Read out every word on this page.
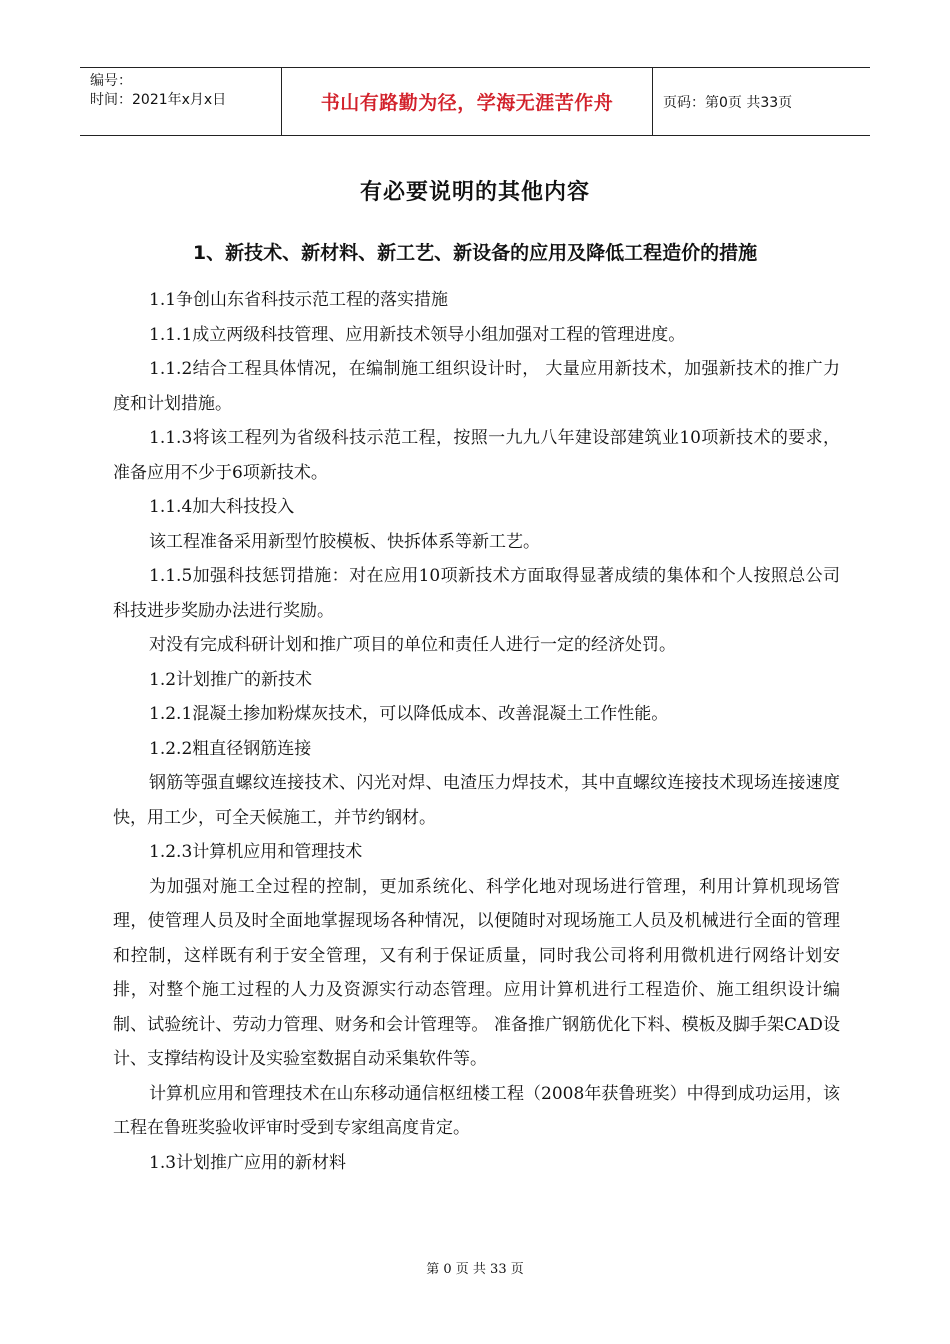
编号：
时间：2021年x月x日	书山有路勤为径，学海无涯苦作舟	页码：第0页 共33页
有必要说明的其他内容
1、新技术、新材料、新工艺、新设备的应用及降低工程造价的措施

1.1争创山东省科技示范工程的落实措施

1.1.1成立两级科技管理、应用新技术领导小组加强对工程的管理进度。

1.1.2结合工程具体情况，在编制施工组织设计时， 大量应用新技术，加强新技术的推广力度和计划措施。

1.1.3将该工程列为省级科技示范工程，按照一九九八年建设部建筑业10项新技术的要求，准备应用不少于6项新技术。

1.1.4加大科技投入

该工程准备采用新型竹胶模板、快拆体系等新工艺。

1.1.5加强科技惩罚措施：对在应用10项新技术方面取得显著成绩的集体和个人按照总公司科技进步奖励办法进行奖励。

对没有完成科研计划和推广项目的单位和责任人进行一定的经济处罚。

1.2计划推广的新技术

1.2.1混凝土掺加粉煤灰技术，可以降低成本、改善混凝土工作性能。

1.2.2粗直径钢筋连接

钢筋等强直螺纹连接技术、闪光对焊、电渣压力焊技术，其中直螺纹连接技术现场连接速度快，用工少，可全天候施工，并节约钢材。

1.2.3计算机应用和管理技术

为加强对施工全过程的控制，更加系统化、科学化地对现场进行管理，利用计算机现场管理，使管理人员及时全面地掌握现场各种情况，以便随时对现场施工人员及机械进行全面的管理和控制，这样既有利于安全管理，又有利于保证质量，同时我公司将利用微机进行网络计划安排，对整个施工过程的人力及资源实行动态管理。应用计算机进行工程造价、施工组织设计编制、试验统计、劳动力管理、财务和会计管理等。 准备推广钢筋优化下料、模板及脚手架CAD设计、支撑结构设计及实验室数据自动采集软件等。

计算机应用和管理技术在山东移动通信枢纽楼工程（2008年获鲁班奖）中得到成功运用，该工程在鲁班奖验收评审时受到专家组高度肯定。

1.3计划推广应用的新材料

第 0 页 共 33 页
